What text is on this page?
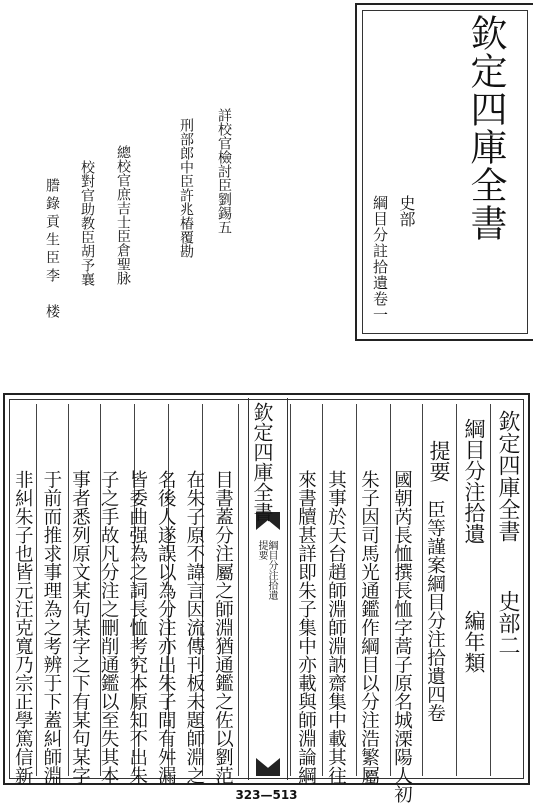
欽定四庫全書
史部
綱目分註拾遺卷一
詳校官檢討臣劉錫五
刑部郎中臣許兆椿覆勘
總校官庶吉士臣倉聖脉
校對官助教臣胡予襄
謄錄貢生臣李　楼
欽定四庫全書
綱目分注拾遺
提要
欽定四庫全書
史部二
綱目分注拾遺
編年類
提要
臣等謹案綱目分注拾遺四卷
國朝芮長恤撰長恤字蒿子原名城溧陽人初
朱子因司馬光通鑑作綱目以分注浩繁屬
其事於天台趙師淵師淵訥齋集中載其往
來書牘甚詳即朱子集中亦載與師淵論綱
目書蓋分注屬之師淵猶通鑑之佐以劉范
在朱子原不諱言因流傳刊板未題師淵之
名後人遂誤以為分注亦出朱子間有舛漏
皆委曲强為之詞長恤考究本原知不出朱
子之手故凡分注之刪削通鑑以至失其本
事者悉列原文某句某字之下有某句某字
于前而推求事理為之考辨于下蓋糾師淵
非糾朱子也皆元汪克寬乃宗正學篤信新
323—513
